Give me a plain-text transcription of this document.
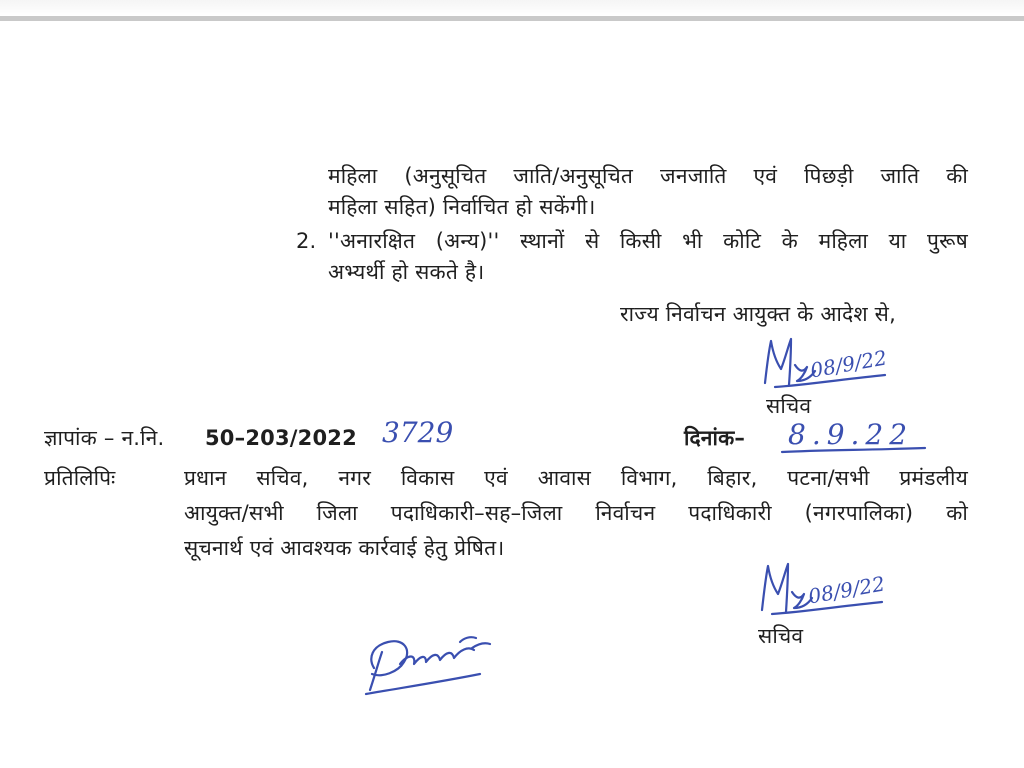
महिला (अनुसूचित जाति/अनुसूचित जनजाति एवं पिछड़ी जाति की
महिला सहित) निर्वाचित हो सकेंगी।
2. ''अनारक्षित (अन्य)'' स्थानों से किसी भी कोटि के महिला या पुरूष
अभ्यर्थी हो सकते है।
राज्य निर्वाचन आयुक्त के आदेश से,
08/9/22
सचिव
ज्ञापांक – न.नि. 50–203/2022 3729	दिनांक– 8.9.22
प्रतिलिपिः	प्रधान सचिव, नगर विकास एवं आवास विभाग, बिहार, पटना/सभी प्रमंडलीय
आयुक्त/सभी जिला पदाधिकारी–सह–जिला निर्वाचन पदाधिकारी (नगरपालिका) को
सूचनार्थ एवं आवश्यक कार्रवाई हेतु प्रेषित।
08/9/22
सचिव
